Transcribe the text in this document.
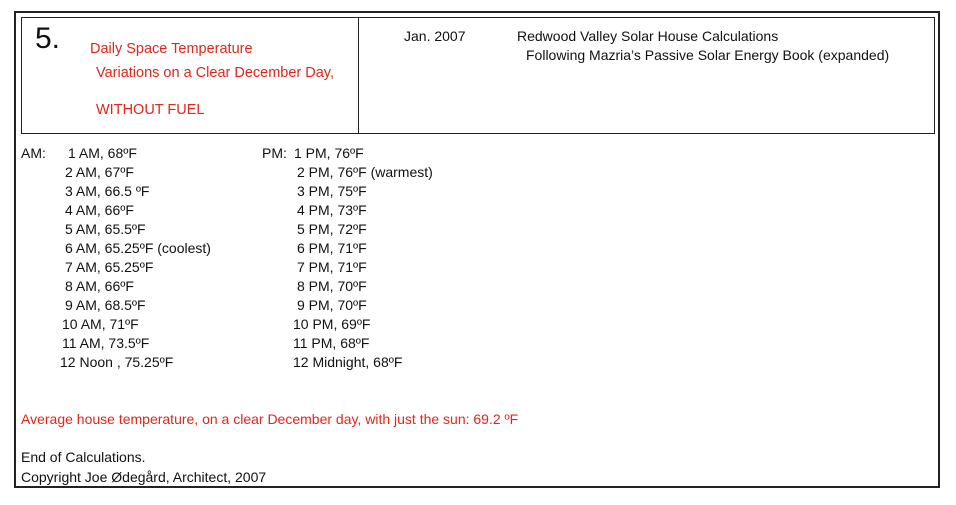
5. Daily Space Temperature
Variations on a Clear December Day,
WITHOUT FUEL
Jan. 2007	Redwood Valley Solar House Calculations
Following Mazria’s Passive Solar Energy Book (expanded)
AM:	PM:
1 AM, 68ºF
2 AM, 67ºF
3 AM, 66.5 ºF
4 AM, 66ºF
5 AM, 65.5ºF
6 AM, 65.25ºF (coolest)
7 AM, 65.25ºF
8 AM, 66ºF
9 AM, 68.5ºF
10 AM, 71ºF
11 AM, 73.5ºF
12 Noon , 75.25ºF
1 PM, 76ºF
2 PM, 76ºF (warmest)
3 PM, 75ºF
4 PM, 73ºF
5 PM, 72ºF
6 PM, 71ºF
7 PM, 71ºF
8 PM, 70ºF
9 PM, 70ºF
10 PM, 69ºF
11 PM, 68ºF
12 Midnight, 68ºF
Average house temperature, on a clear December day, with just the sun: 69.2 ºF
End of Calculations.
Copyright Joe Ødegård, Architect, 2007
